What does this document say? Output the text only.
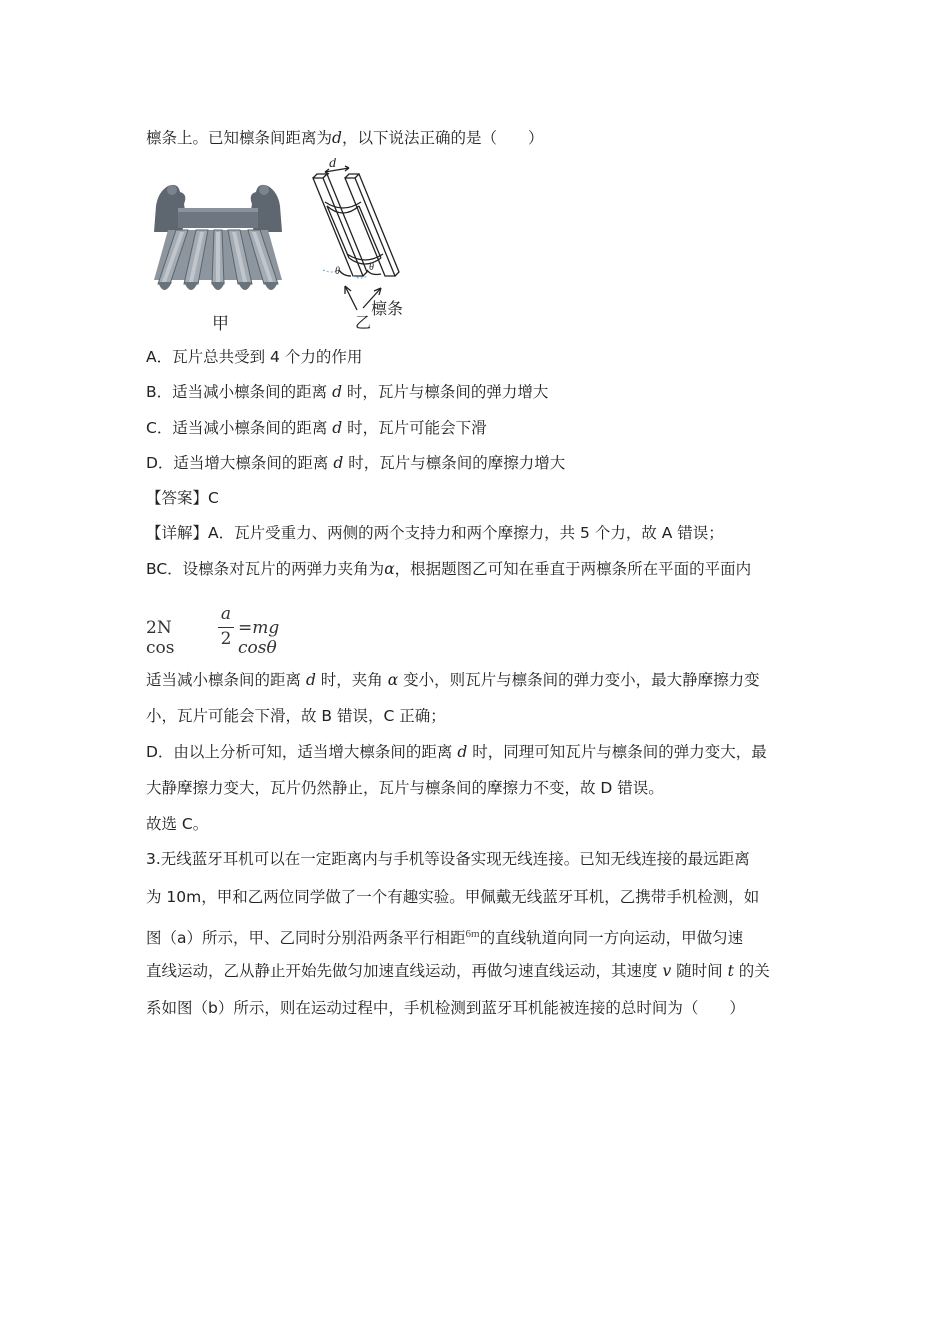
檩条上。已知檩条间距离为d，以下说法正确的是（　　）
甲
d
θ	θ
檩条
乙
A．瓦片总共受到 4 个力的作用
B．适当减小檩条间的距离 d 时，瓦片与檩条间的弹力增大
C．适当减小檩条间的距离 d 时，瓦片可能会下滑
D．适当增大檩条间的距离 d 时，瓦片与檩条间的摩擦力增大
【答案】C
【详解】A．瓦片受重力、两侧的两个支持力和两个摩擦力，共 5 个力，故 A 错误；
BC．设檩条对瓦片的两弹力夹角为α，根据题图乙可知在垂直于两檩条所在平面的平面内
2N cos
a
2
=mg cosθ
适当减小檩条间的距离 d 时，夹角 α 变小，则瓦片与檩条间的弹力变小，最大静摩擦力变
小，瓦片可能会下滑，故 B 错误，C 正确；
D．由以上分析可知，适当增大檩条间的距离 d 时，同理可知瓦片与檩条间的弹力变大，最
大静摩擦力变大，瓦片仍然静止，瓦片与檩条间的摩擦力不变，故 D 错误。
故选 C。
3.无线蓝牙耳机可以在一定距离内与手机等设备实现无线连接。已知无线连接的最远距离
为 10m，甲和乙两位同学做了一个有趣实验。甲佩戴无线蓝牙耳机，乙携带手机检测，如
图（a）所示，甲、乙同时分别沿两条平行相距$^{6m}$的直线轨道向同一方向运动，甲做匀速
直线运动，乙从静止开始先做匀加速直线运动，再做匀速直线运动，其速度 v 随时间 t 的关
系如图（b）所示，则在运动过程中，手机检测到蓝牙耳机能被连接的总时间为（　　）
